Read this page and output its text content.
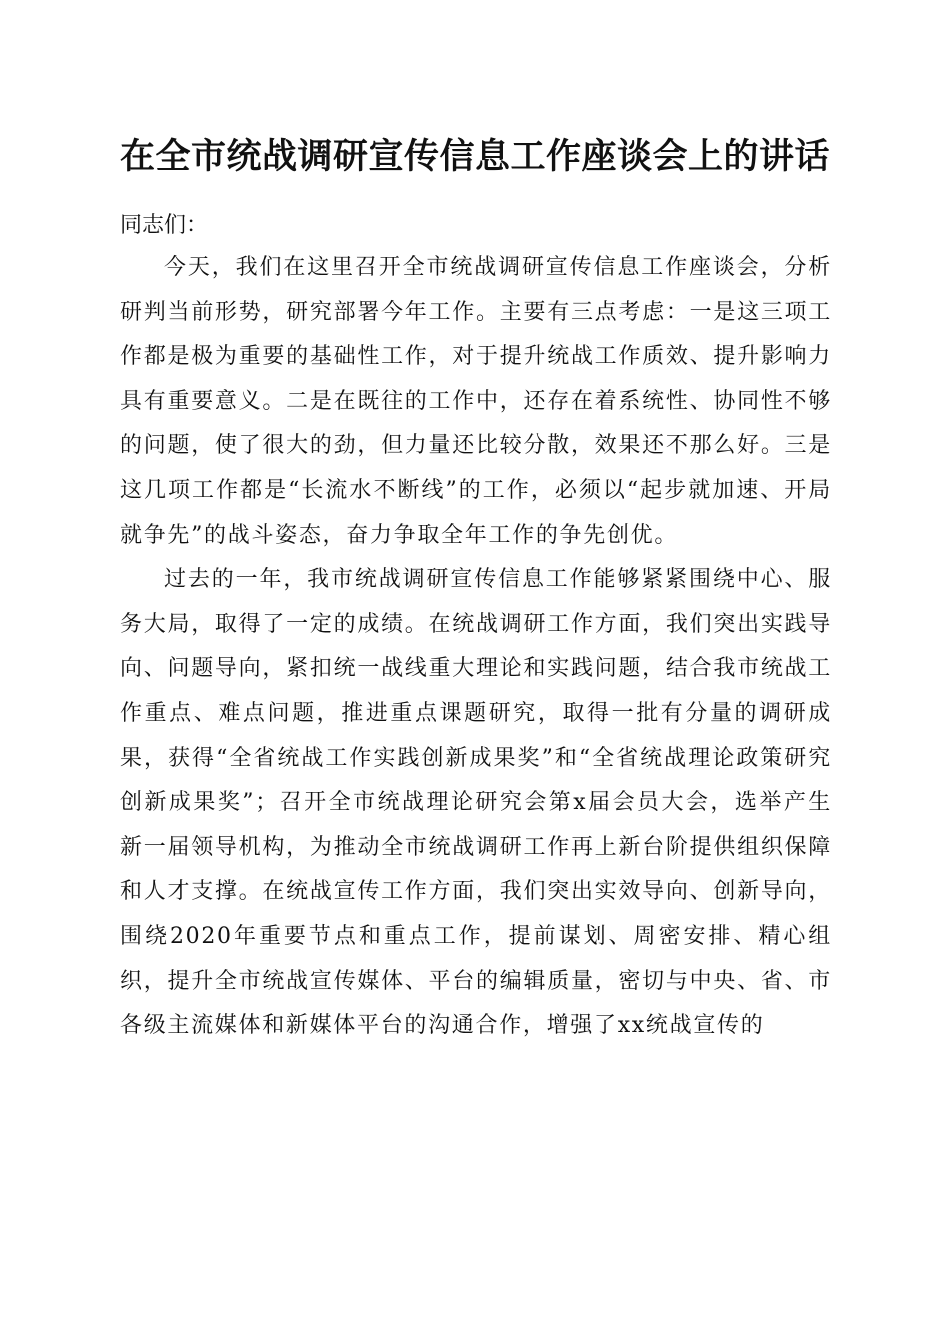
在全市统战调研宣传信息工作座谈会上的讲话

同志们：

今天，我们在这里召开全市统战调研宣传信息工作座谈会，分析研判当前形势，研究部署今年工作。主要有三点考虑：一是这三项工作都是极为重要的基础性工作，对于提升统战工作质效、提升影响力具有重要意义。二是在既往的工作中，还存在着系统性、协同性不够的问题，使了很大的劲，但力量还比较分散，效果还不那么好。三是这几项工作都是“长流水不断线”的工作，必须以“起步就加速、开局就争先”的战斗姿态，奋力争取全年工作的争先创优。

过去的一年，我市统战调研宣传信息工作能够紧紧围绕中心、服务大局，取得了一定的成绩。在统战调研工作方面，我们突出实践导向、问题导向，紧扣统一战线重大理论和实践问题，结合我市统战工作重点、难点问题，推进重点课题研究，取得一批有分量的调研成果，获得“全省统战工作实践创新成果奖”和“全省统战理论政策研究创新成果奖”；召开全市统战理论研究会第x届会员大会，选举产生新一届领导机构，为推动全市统战调研工作再上新台阶提供组织保障和人才支撑。在统战宣传工作方面，我们突出实效导向、创新导向，围绕2020年重要节点和重点工作，提前谋划、周密安排、精心组织，提升全市统战宣传媒体、平台的编辑质量，密切与中央、省、市各级主流媒体和新媒体平台的沟通合作，增强了xx统战宣传的
